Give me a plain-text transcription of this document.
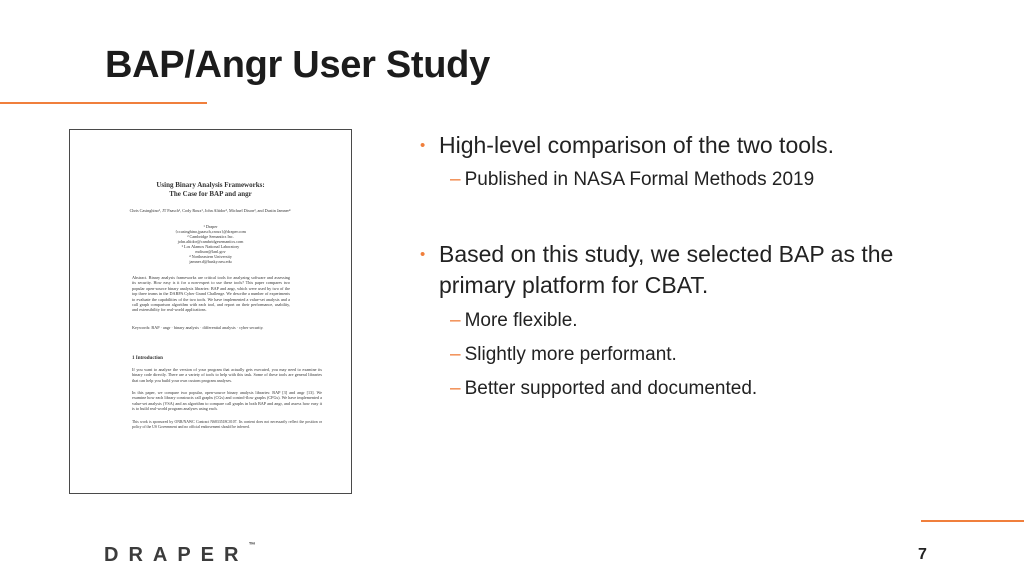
BAP/Angr User Study
Using Binary Analysis Frameworks:
The Case for BAP and angr
Chris Casinghino¹, JT Paasch¹, Cody Roux¹, John Altidor², Michael Dixon³, and Dustin Jamner⁴
¹ Draper
{ccasinghino,jpaasch,croux}@draper.com
² Cambridge Semantics Inc.
john.altidor@cambridgesemantics.com
³ Los Alamos National Laboratory
mdixon@lanl.gov
⁴ Northeastern University
jamner.d@husky.neu.edu
Abstract. Binary analysis frameworks are critical tools for analyzing software and assessing its security. How easy is it for a non-expert to use these tools? This paper compares two popular open-source binary analysis libraries: BAP and angr, which were used by two of the top three teams in the DARPA Cyber Grand Challenge. We describe a number of experiments to evaluate the capabilities of the two tools. We have implemented a value-set analysis and a call graph comparison algorithm with each tool, and report on their performance, usability, and extensibility for real-world applications.
Keywords: BAP · angr · binary analysis · differential analysis · cyber security.
1 Introduction
If you want to analyze the version of your program that actually gets executed, you may need to examine its binary code directly. There are a variety of tools to help with this task. Some of these tools are general libraries that can help you build your own custom program analyses.
In this paper, we compare two popular, open-source binary analysis libraries: BAP [3] and angr [13]. We examine how each library constructs call graphs (CGs) and control-flow graphs (CFGs). We have implemented a value-set analysis (VSA) and an algorithm to compare call graphs in both BAP and angr, and assess how easy it is to build real-world program analyses using each.
This work is sponsored by ONR/NAWC Contract N6833518C0107. Its content does not necessarily reflect the position or policy of the US Government and no official endorsement should be inferred.
• High-level comparison of the two tools.
– Published in NASA Formal Methods 2019
• Based on this study, we selected BAP as the primary platform for CBAT.
– More flexible.
– Slightly more performant.
– Better supported and documented.
DRAPER™
7
